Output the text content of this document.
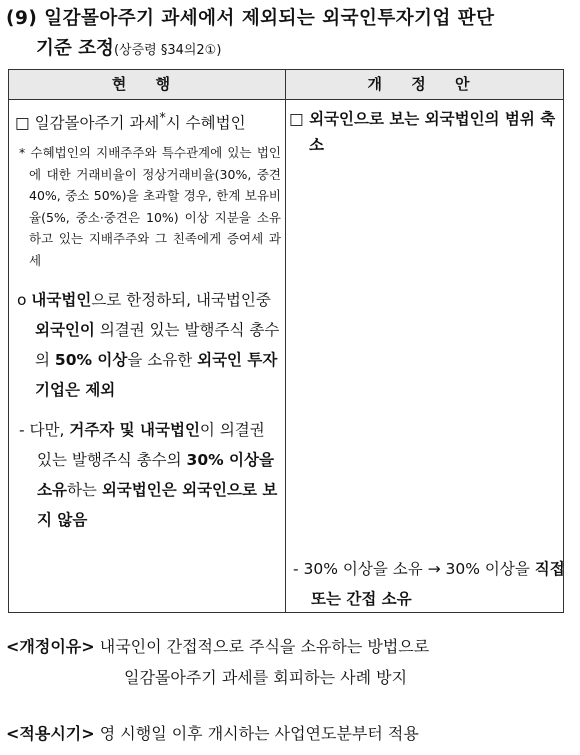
(9) 일감몰아주기 과세에서 제외되는 외국인투자기업 판단
기준 조정(상증령 §34의2①)
현 행	개 정 안
□ 일감몰아주기 과세*시 수혜법인
* 수혜법인의 지배주주와 특수관계에 있는 법인에 대한 거래비율이 정상거래비율(30%, 중견 40%, 중소 50%)을 초과할 경우, 한계 보유비율(5%, 중소·중견은 10%) 이상 지분을 소유하고 있는 지배주주와 그 친족에게 증여세 과세
o 내국법인으로 한정하되, 내국법인중 외국인이 의결권 있는 발행주식 총수의 50% 이상을 소유한 외국인 투자기업은 제외
- 다만, 거주자 및 내국법인이 의결권 있는 발행주식 총수의 30% 이상을 소유하는 외국법인은 외국인으로 보지 않음
□ 외국인으로 보는 외국법인의 범위 축소
- 30% 이상을 소유 → 30% 이상을 직접 또는 간접 소유
<개정이유> 내국인이 간접적으로 주식을 소유하는 방법으로
일감몰아주기 과세를 회피하는 사례 방지
<적용시기> 영 시행일 이후 개시하는 사업연도분부터 적용
